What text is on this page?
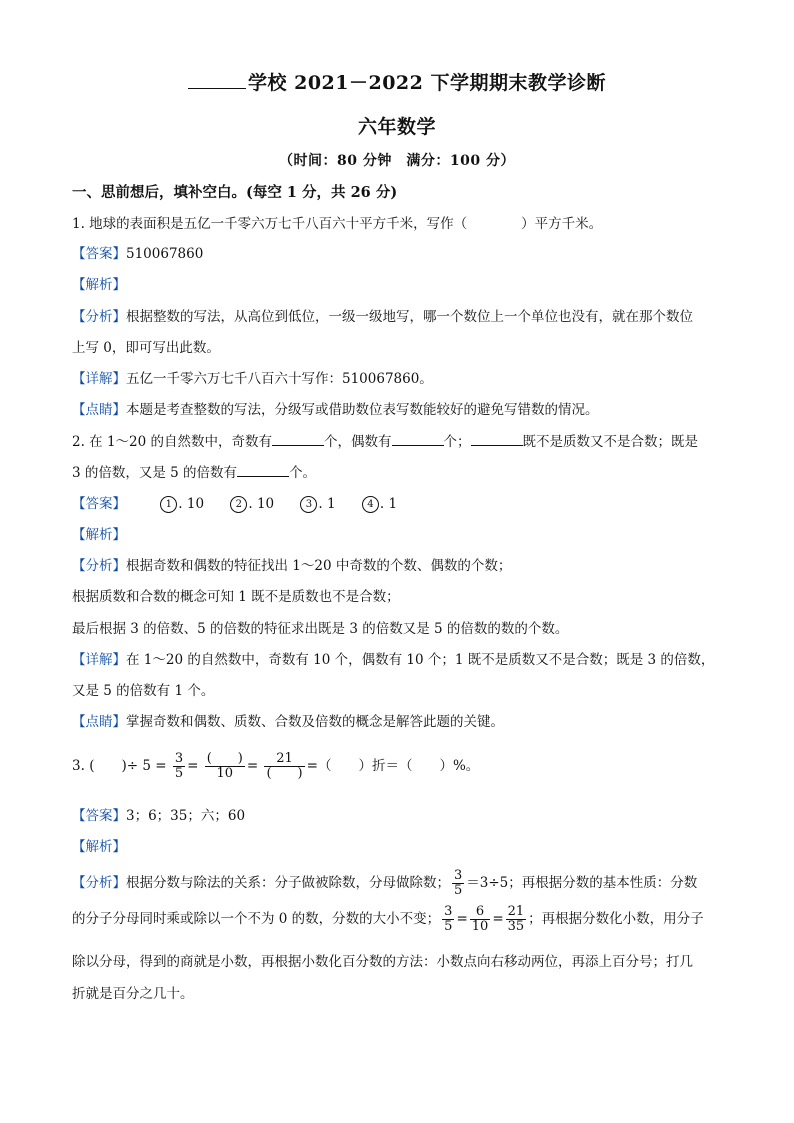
学校 2021－2022 下学期期末教学诊断
六年数学
（时间：80 分钟　满分：100 分）
一、思前想后，填补空白。(每空 1 分，共 26 分)
1. 地球的表面积是五亿一千零六万七千八百六十平方千米，写作（　　　　）平方千米。
【答案】510067860
【解析】
【分析】根据整数的写法，从高位到低位，一级一级地写，哪一个数位上一个单位也没有，就在那个数位
上写 0，即可写出此数。
【详解】五亿一千零六万七千八百六十写作：510067860。
【点睛】本题是考查整数的写法，分级写或借助数位表写数能较好的避免写错数的情况。
2. 在 1～20 的自然数中，奇数有	个，偶数有	个；	既不是质数又不是合数；既是
3 的倍数，又是 5 的倍数有	个。
【答案】	1 . 10	2 . 10	3 . 1	4 . 1
【解析】
【分析】根据奇数和偶数的特征找出 1～20 中奇数的个数、偶数的个数；
根据质数和合数的概念可知 1 既不是质数也不是合数；
最后根据 3 的倍数、5 的倍数的特征求出既是 3 的倍数又是 5 的倍数的数的个数。
【详解】在 1～20 的自然数中，奇数有 10 个，偶数有 10 个；1 既不是质数又不是合数；既是 3 的倍数，
又是 5 的倍数有 1 个。
【点睛】掌握奇数和偶数、质数、合数及倍数的概念是解答此题的关键。
3. (　　)÷ $5 = \frac{3}{5} = \frac{( )}{10} = \frac{21}{( )}$ =（　　）折＝（　　）%。
【答案】3；6；35；六；60
【解析】
【分析】根据分数与除法的关系：分子做被除数，分母做除数； $\frac{3}{5} =3\div 5$；再根据分数的基本性质：分数
的分子分母同时乘或除以一个不为 0 的数，分数的大小不变； $\frac{3}{5} = \frac{6}{10} = \frac{21}{35}$ ；再根据分数化小数，用分子
除以分母，得到的商就是小数，再根据小数化百分数的方法：小数点向右移动两位，再添上百分号；打几
折就是百分之几十。
